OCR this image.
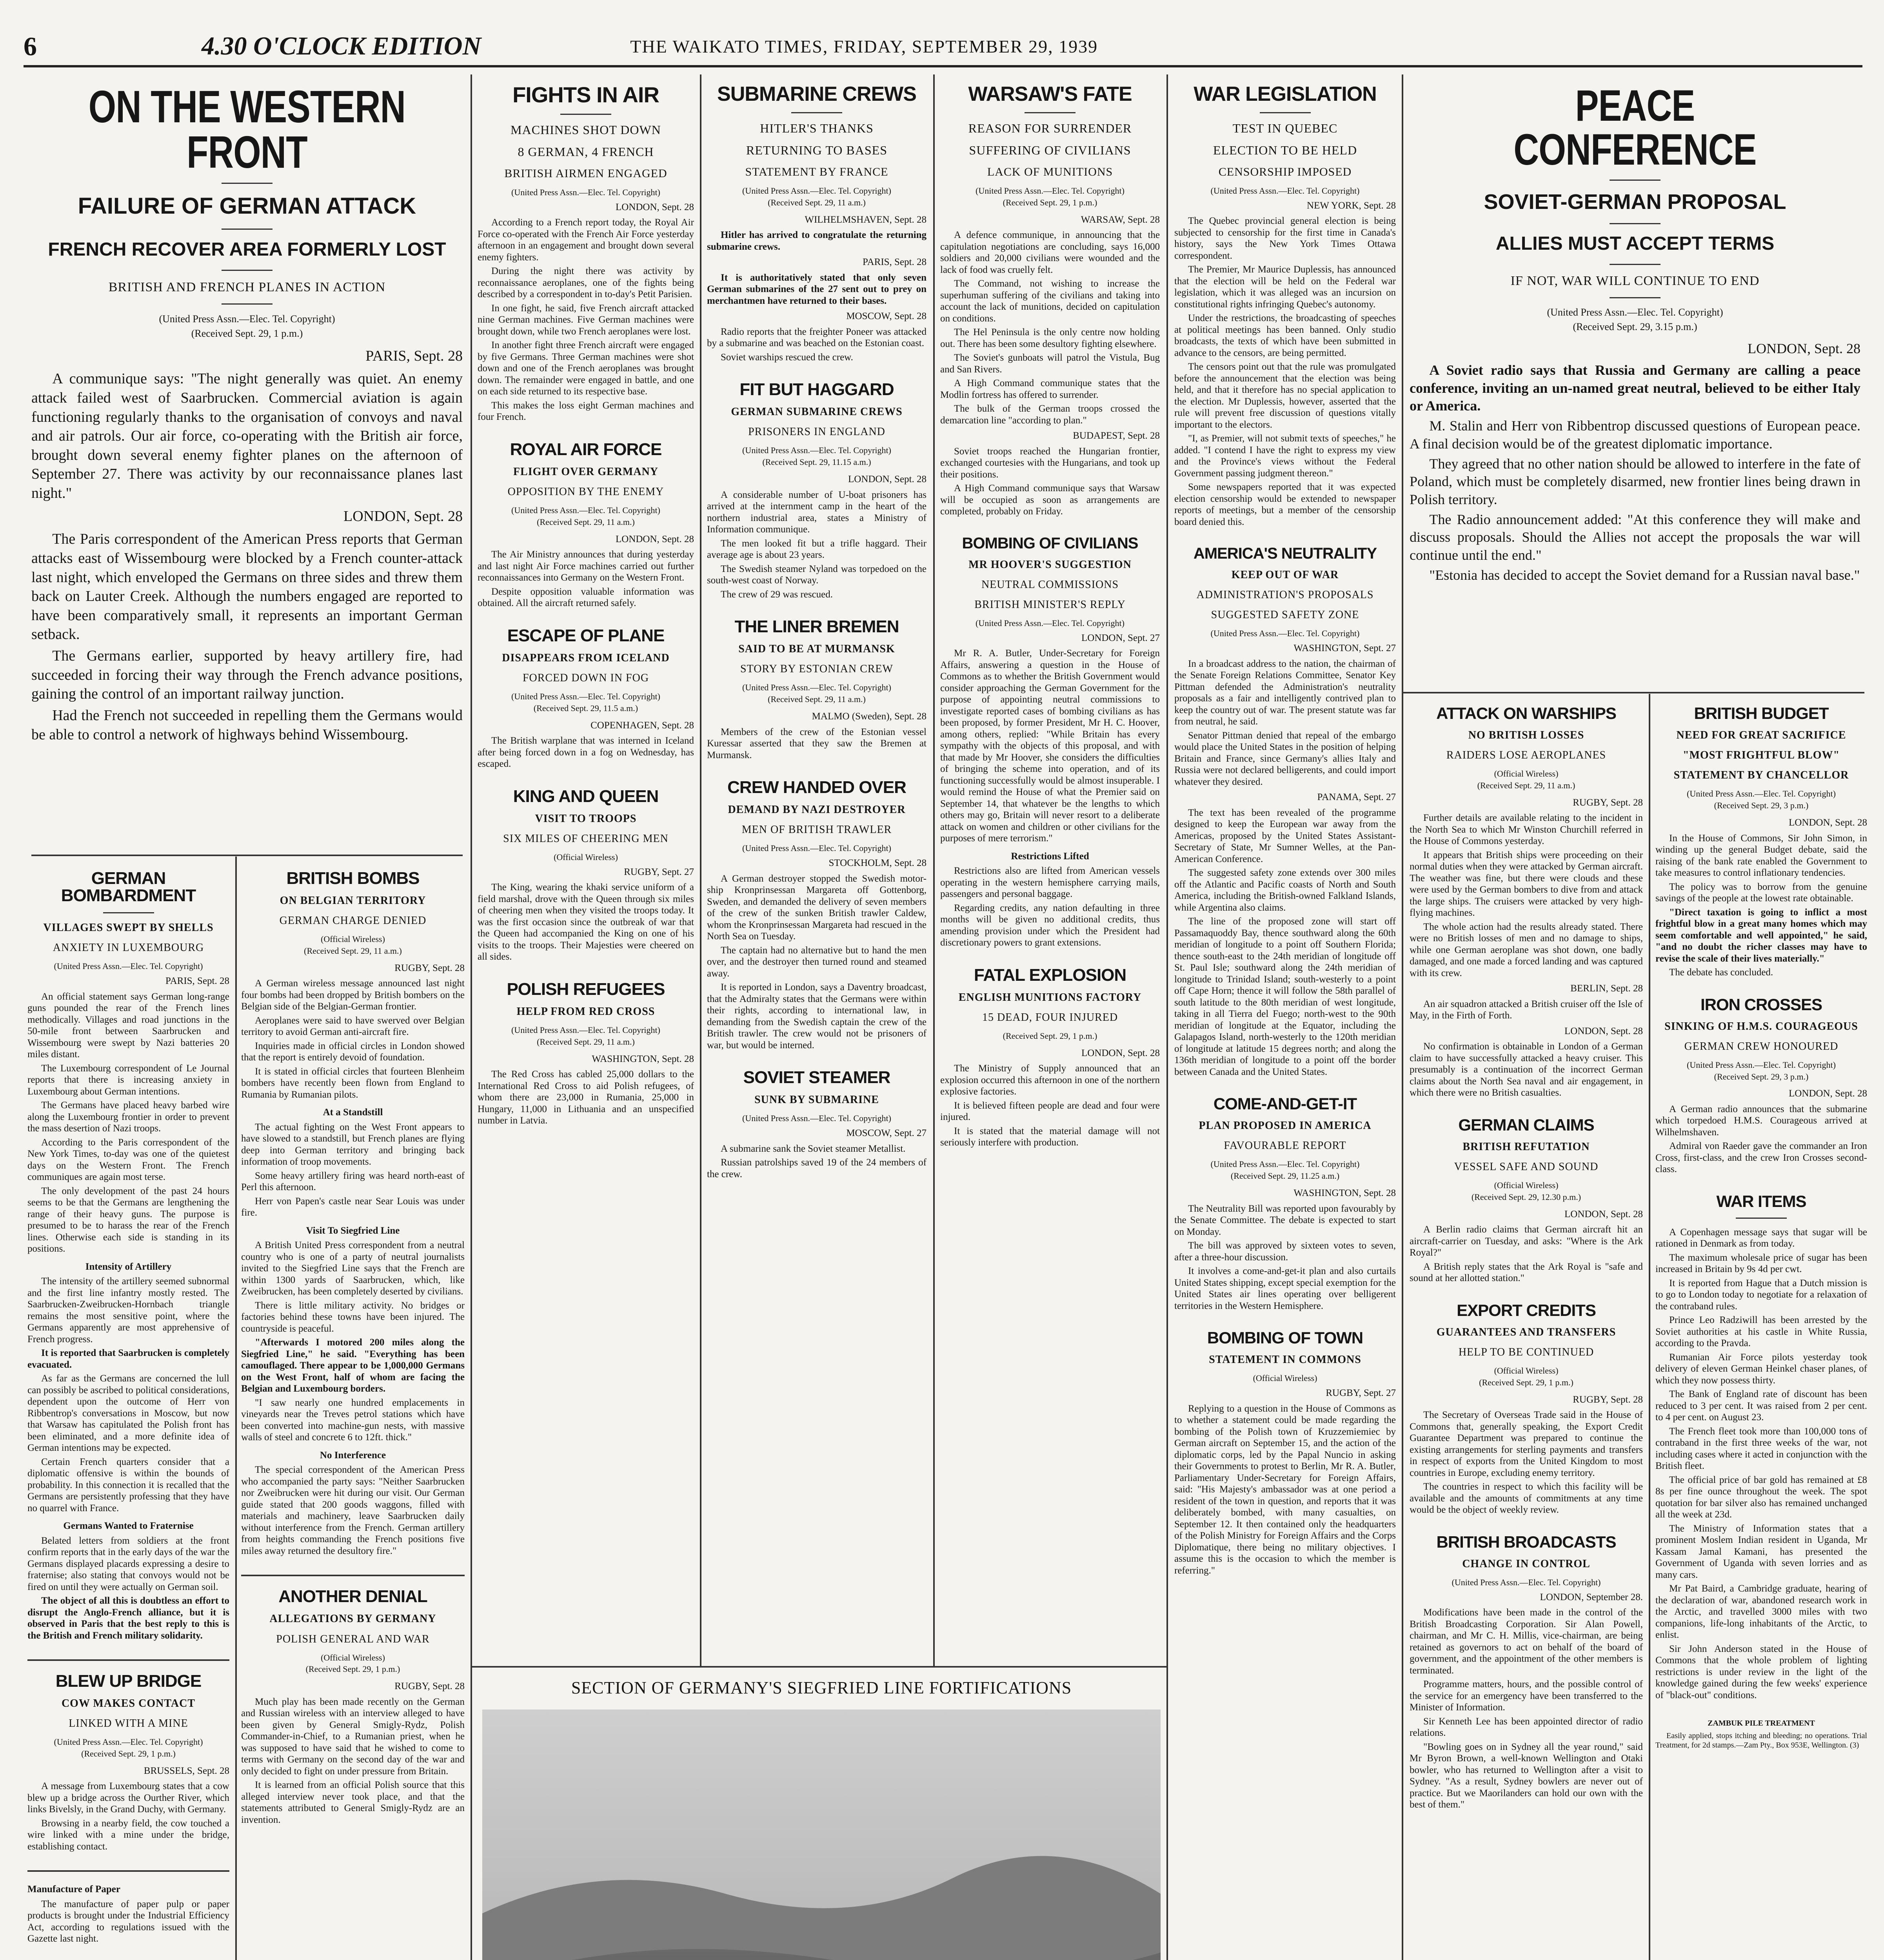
6	4.30 O'CLOCK EDITION	THE WAIKATO TIMES, FRIDAY, SEPTEMBER 29, 1939
ON THE WESTERN FRONT
FAILURE OF GERMAN ATTACK
FRENCH RECOVER AREA FORMERLY LOST
BRITISH AND FRENCH PLANES IN ACTION
(United Press Assn.—Elec. Tel. Copyright)
(Received Sept. 29, 1 p.m.)
PARIS, Sept. 28

A communique says: "The night generally was quiet. An enemy attack failed west of Saarbrucken. Commercial aviation is again functioning regularly thanks to the organisation of convoys and naval and air patrols. Our air force, co-operating with the British air force, brought down several enemy fighter planes on the afternoon of September 27. There was activity by our reconnaissance planes last night."

LONDON, Sept. 28

The Paris correspondent of the American Press reports that German attacks east of Wissembourg were blocked by a French counter-attack last night, which enveloped the Germans on three sides and threw them back on Lauter Creek. Although the numbers engaged are reported to have been comparatively small, it represents an important German setback.

The Germans earlier, supported by heavy artillery fire, had succeeded in forcing their way through the French advance positions, gaining the control of an important railway junction.

Had the French not succeeded in repelling them the Germans would be able to control a network of highways behind Wissembourg.

GERMAN BOMBARDMENT
VILLAGES SWEPT BY SHELLS
ANXIETY IN LUXEMBOURG
(United Press Assn.—Elec. Tel. Copyright)
PARIS, Sept. 28

An official statement says German long-range guns pounded the rear of the French lines methodically. Villages and road junctions in the 50-mile front between Saarbrucken and Wissembourg were swept by Nazi batteries 20 miles distant.

The Luxembourg correspondent of Le Journal reports that there is increasing anxiety in Luxembourg about German intentions.

The Germans have placed heavy barbed wire along the Luxembourg frontier in order to prevent the mass desertion of Nazi troops.

According to the Paris correspondent of the New York Times, to-day was one of the quietest days on the Western Front. The French communiques are again most terse.

The only development of the past 24 hours seems to be that the Germans are lengthening the range of their heavy guns. The purpose is presumed to be to harass the rear of the French lines. Otherwise each side is standing in its positions.

Intensity of Artillery

The intensity of the artillery seemed subnormal and the first line infantry mostly rested. The Saarbrucken-Zweibrucken-Hornbach triangle remains the most sensitive point, where the Germans apparently are most apprehensive of French progress.

It is reported that Saarbrucken is completely evacuated.

As far as the Germans are concerned the lull can possibly be ascribed to political considerations, dependent upon the outcome of Herr von Ribbentrop's conversations in Moscow, but now that Warsaw has capitulated the Polish front has been eliminated, and a more definite idea of German intentions may be expected.

Certain French quarters consider that a diplomatic offensive is within the bounds of probability. In this connection it is recalled that the Germans are persistently professing that they have no quarrel with France.

Germans Wanted to Fraternise

Belated letters from soldiers at the front confirm reports that in the early days of the war the Germans displayed placards expressing a desire to fraternise; also stating that convoys would not be fired on until they were actually on German soil.

The object of all this is doubtless an effort to disrupt the Anglo-French alliance, but it is observed in Paris that the best reply to this is the British and French military solidarity.

BLEW UP BRIDGE
COW MAKES CONTACT
LINKED WITH A MINE
(United Press Assn.—Elec. Tel. Copyright)
(Received Sept. 29, 1 p.m.)
BRUSSELS, Sept. 28

A message from Luxembourg states that a cow blew up a bridge across the Ourther River, which links Bivelsly, in the Grand Duchy, with Germany.

Browsing in a nearby field, the cow touched a wire linked with a mine under the bridge, establishing contact.

Manufacture of Paper

The manufacture of paper pulp or paper products is brought under the Industrial Efficiency Act, according to regulations issued with the Gazette last night.

BRITISH BOMBS
ON BELGIAN TERRITORY
GERMAN CHARGE DENIED
(Official Wireless)
(Received Sept. 29, 11 a.m.)
RUGBY, Sept. 28

A German wireless message announced last night four bombs had been dropped by British bombers on the Belgian side of the Belgian-German frontier.

Aeroplanes were said to have swerved over Belgian territory to avoid German anti-aircraft fire.

Inquiries made in official circles in London showed that the report is entirely devoid of foundation.

It is stated in official circles that fourteen Blenheim bombers have recently been flown from England to Rumania by Rumanian pilots.

At a Standstill

The actual fighting on the West Front appears to have slowed to a standstill, but French planes are flying deep into German territory and bringing back information of troop movements.

Some heavy artillery firing was heard north-east of Perl this afternoon.

Herr von Papen's castle near Sear Louis was under fire.

Visit To Siegfried Line

A British United Press correspondent from a neutral country who is one of a party of neutral journalists invited to the Siegfried Line says that the French are within 1300 yards of Saarbrucken, which, like Zweibrucken, has been completely deserted by civilians.

There is little military activity. No bridges or factories behind these towns have been injured. The countryside is peaceful.

"Afterwards I motored 200 miles along the Siegfried Line," he said. "Everything has been camouflaged. There appear to be 1,000,000 Germans on the West Front, half of whom are facing the Belgian and Luxembourg borders.

"I saw nearly one hundred emplacements in vineyards near the Treves petrol stations which have been converted into machine-gun nests, with massive walls of steel and concrete 6 to 12ft. thick."

No Interference

The special correspondent of the American Press who accompanied the party says: "Neither Saarbrucken nor Zweibrucken were hit during our visit. Our German guide stated that 200 goods waggons, filled with materials and machinery, leave Saarbrucken daily without interference from the French. German artillery from heights commanding the French positions five miles away returned the desultory fire."

ANOTHER DENIAL
ALLEGATIONS BY GERMANY
POLISH GENERAL AND WAR
(Official Wireless)
(Received Sept. 29, 1 p.m.)
RUGBY, Sept. 28

Much play has been made recently on the German and Russian wireless with an interview alleged to have been given by General Smigly-Rydz, Polish Commander-in-Chief, to a Rumanian priest, when he was supposed to have said that he wished to come to terms with Germany on the second day of the war and only decided to fight on under pressure from Britain.

It is learned from an official Polish source that this alleged interview never took place, and that the statements attributed to General Smigly-Rydz are an invention.

FIGHTS IN AIR
MACHINES SHOT DOWN
8 GERMAN, 4 FRENCH
BRITISH AIRMEN ENGAGED
(United Press Assn.—Elec. Tel. Copyright)
LONDON, Sept. 28

According to a French report today, the Royal Air Force co-operated with the French Air Force yesterday afternoon in an engagement and brought down several enemy fighters.

During the night there was activity by reconnaissance aeroplanes, one of the fights being described by a correspondent in to-day's Petit Parisien.

In one fight, he said, five French aircraft attacked nine German machines. Five German machines were brought down, while two French aeroplanes were lost.

In another fight three French aircraft were engaged by five Germans. Three German machines were shot down and one of the French aeroplanes was brought down. The remainder were engaged in battle, and one on each side returned to its respective base.

This makes the loss eight German machines and four French.

ROYAL AIR FORCE
FLIGHT OVER GERMANY
OPPOSITION BY THE ENEMY
(United Press Assn.—Elec. Tel. Copyright)
(Received Sept. 29, 11 a.m.)
LONDON, Sept. 28

The Air Ministry announces that during yesterday and last night Air Force machines carried out further reconnaissances into Germany on the Western Front.

Despite opposition valuable information was obtained. All the aircraft returned safely.

ESCAPE OF PLANE
DISAPPEARS FROM ICELAND
FORCED DOWN IN FOG
(United Press Assn.—Elec. Tel. Copyright)
(Received Sept. 29, 11.5 a.m.)
COPENHAGEN, Sept. 28

The British warplane that was interned in Iceland after being forced down in a fog on Wednesday, has escaped.

KING AND QUEEN
VISIT TO TROOPS
SIX MILES OF CHEERING MEN
(Official Wireless)
RUGBY, Sept. 27

The King, wearing the khaki service uniform of a field marshal, drove with the Queen through six miles of cheering men when they visited the troops today. It was the first occasion since the outbreak of war that the Queen had accompanied the King on one of his visits to the troops. Their Majesties were cheered on all sides.

POLISH REFUGEES
HELP FROM RED CROSS
(United Press Assn.—Elec. Tel. Copyright)
(Received Sept. 29, 11 a.m.)
WASHINGTON, Sept. 28

The Red Cross has cabled 25,000 dollars to the International Red Cross to aid Polish refugees, of whom there are 23,000 in Rumania, 25,000 in Hungary, 11,000 in Lithuania and an unspecified number in Latvia.

SUBMARINE CREWS
HITLER'S THANKS
RETURNING TO BASES
STATEMENT BY FRANCE
(United Press Assn.—Elec. Tel. Copyright)
(Received Sept. 29, 11 a.m.)
WILHELMSHAVEN, Sept. 28

Hitler has arrived to congratulate the returning submarine crews.

PARIS, Sept. 28

It is authoritatively stated that only seven German submarines of the 27 sent out to prey on merchantmen have returned to their bases.

MOSCOW, Sept. 28

Radio reports that the freighter Poneer was attacked by a submarine and was beached on the Estonian coast.

Soviet warships rescued the crew.

FIT BUT HAGGARD
GERMAN SUBMARINE CREWS
PRISONERS IN ENGLAND
(United Press Assn.—Elec. Tel. Copyright)
(Received Sept. 29, 11.15 a.m.)
LONDON, Sept. 28

A considerable number of U-boat prisoners has arrived at the internment camp in the heart of the northern industrial area, states a Ministry of Information communique.

The men looked fit but a trifle haggard. Their average age is about 23 years.

The Swedish steamer Nyland was torpedoed on the south-west coast of Norway.

The crew of 29 was rescued.

THE LINER BREMEN
SAID TO BE AT MURMANSK
STORY BY ESTONIAN CREW
(United Press Assn.—Elec. Tel. Copyright)
(Received Sept. 29, 11 a.m.)
MALMO (Sweden), Sept. 28

Members of the crew of the Estonian vessel Kuressar asserted that they saw the Bremen at Murmansk.

CREW HANDED OVER
DEMAND BY NAZI DESTROYER
MEN OF BRITISH TRAWLER
(United Press Assn.—Elec. Tel. Copyright)
STOCKHOLM, Sept. 28

A German destroyer stopped the Swedish motor-ship Kronprinsessan Margareta off Gottenborg, Sweden, and demanded the delivery of seven members of the crew of the sunken British trawler Caldew, whom the Kronprinsessan Margareta had rescued in the North Sea on Tuesday.

The captain had no alternative but to hand the men over, and the destroyer then turned round and steamed away.

It is reported in London, says a Daventry broadcast, that the Admiralty states that the Germans were within their rights, according to international law, in demanding from the Swedish captain the crew of the British trawler. The crew would not be prisoners of war, but would be interned.

SOVIET STEAMER
SUNK BY SUBMARINE
(United Press Assn.—Elec. Tel. Copyright)
MOSCOW, Sept. 27

A submarine sank the Soviet steamer Metallist.

Russian patrolships saved 19 of the 24 members of the crew.

WARSAW'S FATE
REASON FOR SURRENDER
SUFFERING OF CIVILIANS
LACK OF MUNITIONS
(United Press Assn.—Elec. Tel. Copyright)
(Received Sept. 29, 1 p.m.)
WARSAW, Sept. 28

A defence communique, in announcing that the capitulation negotiations are concluding, says 16,000 soldiers and 20,000 civilians were wounded and the lack of food was cruelly felt.

The Command, not wishing to increase the superhuman suffering of the civilians and taking into account the lack of munitions, decided on capitulation on conditions.

The Hel Peninsula is the only centre now holding out. There has been some desultory fighting elsewhere.

The Soviet's gunboats will patrol the Vistula, Bug and San Rivers.

A High Command communique states that the Modlin fortress has offered to surrender.

The bulk of the German troops crossed the demarcation line "according to plan."

BUDAPEST, Sept. 28

Soviet troops reached the Hungarian frontier, exchanged courtesies with the Hungarians, and took up their positions.

A High Command communique says that Warsaw will be occupied as soon as arrangements are completed, probably on Friday.

BOMBING OF CIVILIANS
MR HOOVER'S SUGGESTION
NEUTRAL COMMISSIONS
BRITISH MINISTER'S REPLY
(United Press Assn.—Elec. Tel. Copyright)
LONDON, Sept. 27

Mr R. A. Butler, Under-Secretary for Foreign Affairs, answering a question in the House of Commons as to whether the British Government would consider approaching the German Government for the purpose of appointing neutral commissions to investigate reported cases of bombing civilians as has been proposed, by former President, Mr H. C. Hoover, among others, replied: "While Britain has every sympathy with the objects of this proposal, and with that made by Mr Hoover, she considers the difficulties of bringing the scheme into operation, and of its functioning successfully would be almost insuperable. I would remind the House of what the Premier said on September 14, that whatever be the lengths to which others may go, Britain will never resort to a deliberate attack on women and children or other civilians for the purposes of mere terrorism."

Restrictions Lifted

Restrictions also are lifted from American vessels operating in the western hemisphere carrying mails, passengers and personal baggage.

Regarding credits, any nation defaulting in three months will be given no additional credits, thus amending provision under which the President had discretionary powers to grant extensions.

FATAL EXPLOSION
ENGLISH MUNITIONS FACTORY
15 DEAD, FOUR INJURED
(Received Sept. 29, 1 p.m.)
LONDON, Sept. 28

The Ministry of Supply announced that an explosion occurred this afternoon in one of the northern explosive factories.

It is believed fifteen people are dead and four were injured.

It is stated that the material damage will not seriously interfere with production.

SECTION OF GERMANY'S SIEGFRIED LINE FORTIFICATIONS
WAR LEGISLATION
TEST IN QUEBEC
ELECTION TO BE HELD
CENSORSHIP IMPOSED
(United Press Assn.—Elec. Tel. Copyright)
NEW YORK, Sept. 28

The Quebec provincial general election is being subjected to censorship for the first time in Canada's history, says the New York Times Ottawa correspondent.

The Premier, Mr Maurice Duplessis, has announced that the election will be held on the Federal war legislation, which it was alleged was an incursion on constitutional rights infringing Quebec's autonomy.

Under the restrictions, the broadcasting of speeches at political meetings has been banned. Only studio broadcasts, the texts of which have been submitted in advance to the censors, are being permitted.

The censors point out that the rule was promulgated before the announcement that the election was being held, and that it therefore has no special application to the election. Mr Duplessis, however, asserted that the rule will prevent free discussion of questions vitally important to the electors.

"I, as Premier, will not submit texts of speeches," he added. "I contend I have the right to express my view and the Province's views without the Federal Government passing judgment thereon."

Some newspapers reported that it was expected election censorship would be extended to newspaper reports of meetings, but a member of the censorship board denied this.

AMERICA'S NEUTRALITY
KEEP OUT OF WAR
ADMINISTRATION'S PROPOSALS
SUGGESTED SAFETY ZONE
(United Press Assn.—Elec. Tel. Copyright)
WASHINGTON, Sept. 27

In a broadcast address to the nation, the chairman of the Senate Foreign Relations Committee, Senator Key Pittman defended the Administration's neutrality proposals as a fair and intelligently contrived plan to keep the country out of war. The present statute was far from neutral, he said.

Senator Pittman denied that repeal of the embargo would place the United States in the position of helping Britain and France, since Germany's allies Italy and Russia were not declared belligerents, and could import whatever they desired.

PANAMA, Sept. 27

The text has been revealed of the programme designed to keep the European war away from the Americas, proposed by the United States Assistant-Secretary of State, Mr Sumner Welles, at the Pan-American Conference.

The suggested safety zone extends over 300 miles off the Atlantic and Pacific coasts of North and South America, including the British-owned Falkland Islands, while Argentina also claims.

The line of the proposed zone will start off Passamaquoddy Bay, thence southward along the 60th meridian of longitude to a point off Southern Florida; thence south-east to the 24th meridian of longitude off St. Paul Isle; southward along the 24th meridian of longitude to Trinidad Island; south-westerly to a point off Cape Horn; thence it will follow the 58th parallel of south latitude to the 80th meridian of west longitude, taking in all Tierra del Fuego; north-west to the 90th meridian of longitude at the Equator, including the Galapagos Island, north-westerly to the 120th meridian of longitude at latitude 15 degrees north; and along the 136th meridian of longitude to a point off the border between Canada and the United States.

COME-AND-GET-IT
PLAN PROPOSED IN AMERICA
FAVOURABLE REPORT
(United Press Assn.—Elec. Tel. Copyright)
(Received Sept. 29, 11.25 a.m.)
WASHINGTON, Sept. 28

The Neutrality Bill was reported upon favourably by the Senate Committee. The debate is expected to start on Monday.

The bill was approved by sixteen votes to seven, after a three-hour discussion.

It involves a come-and-get-it plan and also curtails United States shipping, except special exemption for the United States air lines operating over belligerent territories in the Western Hemisphere.

BOMBING OF TOWN
STATEMENT IN COMMONS
(Official Wireless)
RUGBY, Sept. 27

Replying to a question in the House of Commons as to whether a statement could be made regarding the bombing of the Polish town of Kruzzemiemiec by German aircraft on September 15, and the action of the diplomatic corps, led by the Papal Nuncio in asking their Governments to protest to Berlin, Mr R. A. Butler, Parliamentary Under-Secretary for Foreign Affairs, said: "His Majesty's ambassador was at one period a resident of the town in question, and reports that it was deliberately bombed, with many casualties, on September 12. It then contained only the headquarters of the Polish Ministry for Foreign Affairs and the Corps Diplomatique, there being no military objectives. I assume this is the occasion to which the member is referring."

PEACE CONFERENCE
SOVIET-GERMAN PROPOSAL
ALLIES MUST ACCEPT TERMS
IF NOT, WAR WILL CONTINUE TO END
(United Press Assn.—Elec. Tel. Copyright)
(Received Sept. 29, 3.15 p.m.)
LONDON, Sept. 28

A Soviet radio says that Russia and Germany are calling a peace conference, inviting an un-named great neutral, believed to be either Italy or America.

M. Stalin and Herr von Ribbentrop discussed questions of European peace. A final decision would be of the greatest diplomatic importance.

They agreed that no other nation should be allowed to interfere in the fate of Poland, which must be completely disarmed, new frontier lines being drawn in Polish territory.

The Radio announcement added: "At this conference they will make and discuss proposals. Should the Allies not accept the proposals the war will continue until the end."

"Estonia has decided to accept the Soviet demand for a Russian naval base."

ATTACK ON WARSHIPS
NO BRITISH LOSSES
RAIDERS LOSE AEROPLANES
(Official Wireless)
(Received Sept. 29, 11 a.m.)
RUGBY, Sept. 28

Further details are available relating to the incident in the North Sea to which Mr Winston Churchill referred in the House of Commons yesterday.

It appears that British ships were proceeding on their normal duties when they were attacked by German aircraft. The weather was fine, but there were clouds and these were used by the German bombers to dive from and attack the large ships. The cruisers were attacked by very high-flying machines.

The whole action had the results already stated. There were no British losses of men and no damage to ships, while one German aeroplane was shot down, one badly damaged, and one made a forced landing and was captured with its crew.

BERLIN, Sept. 28

An air squadron attacked a British cruiser off the Isle of May, in the Firth of Forth.

LONDON, Sept. 28

No confirmation is obtainable in London of a German claim to have successfully attacked a heavy cruiser. This presumably is a continuation of the incorrect German claims about the North Sea naval and air engagement, in which there were no British casualties.

GERMAN CLAIMS
BRITISH REFUTATION
VESSEL SAFE AND SOUND
(Official Wireless)
(Received Sept. 29, 12.30 p.m.)
LONDON, Sept. 28

A Berlin radio claims that German aircraft hit an aircraft-carrier on Tuesday, and asks: "Where is the Ark Royal?"

A British reply states that the Ark Royal is "safe and sound at her allotted station."

EXPORT CREDITS
GUARANTEES AND TRANSFERS
HELP TO BE CONTINUED
(Official Wireless)
(Received Sept. 29, 1 p.m.)
RUGBY, Sept. 28

The Secretary of Overseas Trade said in the House of Commons that, generally speaking, the Export Credit Guarantee Department was prepared to continue the existing arrangements for sterling payments and transfers in respect of exports from the United Kingdom to most countries in Europe, excluding enemy territory.

The countries in respect to which this facility will be available and the amounts of commitments at any time would be the object of weekly review.

BRITISH BROADCASTS
CHANGE IN CONTROL
(United Press Assn.—Elec. Tel. Copyright)
LONDON, September 28.

Modifications have been made in the control of the British Broadcasting Corporation. Sir Alan Powell, chairman, and Mr C. H. Millis, vice-chairman, are being retained as governors to act on behalf of the board of government, and the appointment of the other members is terminated.

Programme matters, hours, and the possible control of the service for an emergency have been transferred to the Minister of Information.

Sir Kenneth Lee has been appointed director of radio relations.

"Bowling goes on in Sydney all the year round," said Mr Byron Brown, a well-known Wellington and Otaki bowler, who has returned to Wellington after a visit to Sydney. "As a result, Sydney bowlers are never out of practice. But we Maorilanders can hold our own with the best of them."

BRITISH BUDGET
NEED FOR GREAT SACRIFICE
"MOST FRIGHTFUL BLOW"
STATEMENT BY CHANCELLOR
(United Press Assn.—Elec. Tel. Copyright)
(Received Sept. 29, 3 p.m.)
LONDON, Sept. 28

In the House of Commons, Sir John Simon, in winding up the general Budget debate, said the raising of the bank rate enabled the Government to take measures to control inflationary tendencies.

The policy was to borrow from the genuine savings of the people at the lowest rate obtainable.

"Direct taxation is going to inflict a most frightful blow in a great many homes which may seem comfortable and well appointed," he said, "and no doubt the richer classes may have to revise the scale of their lives materially."

The debate has concluded.

IRON CROSSES
SINKING OF H.M.S. COURAGEOUS
GERMAN CREW HONOURED
(United Press Assn.—Elec. Tel. Copyright)
(Received Sept. 29, 3 p.m.)
LONDON, Sept. 28

A German radio announces that the submarine which torpedoed H.M.S. Courageous arrived at Wilhelmshaven.

Admiral von Raeder gave the commander an Iron Cross, first-class, and the crew Iron Crosses second-class.

WAR ITEMS

A Copenhagen message says that sugar will be rationed in Denmark as from today.

The maximum wholesale price of sugar has been increased in Britain by 9s 4d per cwt.

It is reported from Hague that a Dutch mission is to go to London today to negotiate for a relaxation of the contraband rules.

Prince Leo Radziwill has been arrested by the Soviet authorities at his castle in White Russia, according to the Pravda.

Rumanian Air Force pilots yesterday took delivery of eleven German Heinkel chaser planes, of which they now possess thirty.

The Bank of England rate of discount has been reduced to 3 per cent. It was raised from 2 per cent. to 4 per cent. on August 23.

The French fleet took more than 100,000 tons of contraband in the first three weeks of the war, not including cases where it acted in conjunction with the British fleet.

The official price of bar gold has remained at £8 8s per fine ounce throughout the week. The spot quotation for bar silver also has remained unchanged all the week at 23d.

The Ministry of Information states that a prominent Moslem Indian resident in Uganda, Mr Kassam Jamal Kamani, has presented the Government of Uganda with seven lorries and as many cars.

Mr Pat Baird, a Cambridge graduate, hearing of the declaration of war, abandoned research work in the Arctic, and travelled 3000 miles with two companions, life-long inhabitants of the Arctic, to enlist.

Sir John Anderson stated in the House of Commons that the whole problem of lighting restrictions is under review in the light of the knowledge gained during the few weeks' experience of "black-out" conditions.

ZAMBUK PILE TREATMENT

Easily applied, stops itching and bleeding; no operations. Trial Treatment, for 2d stamps.—Zam Pty., Box 953E, Wellington. (3)
